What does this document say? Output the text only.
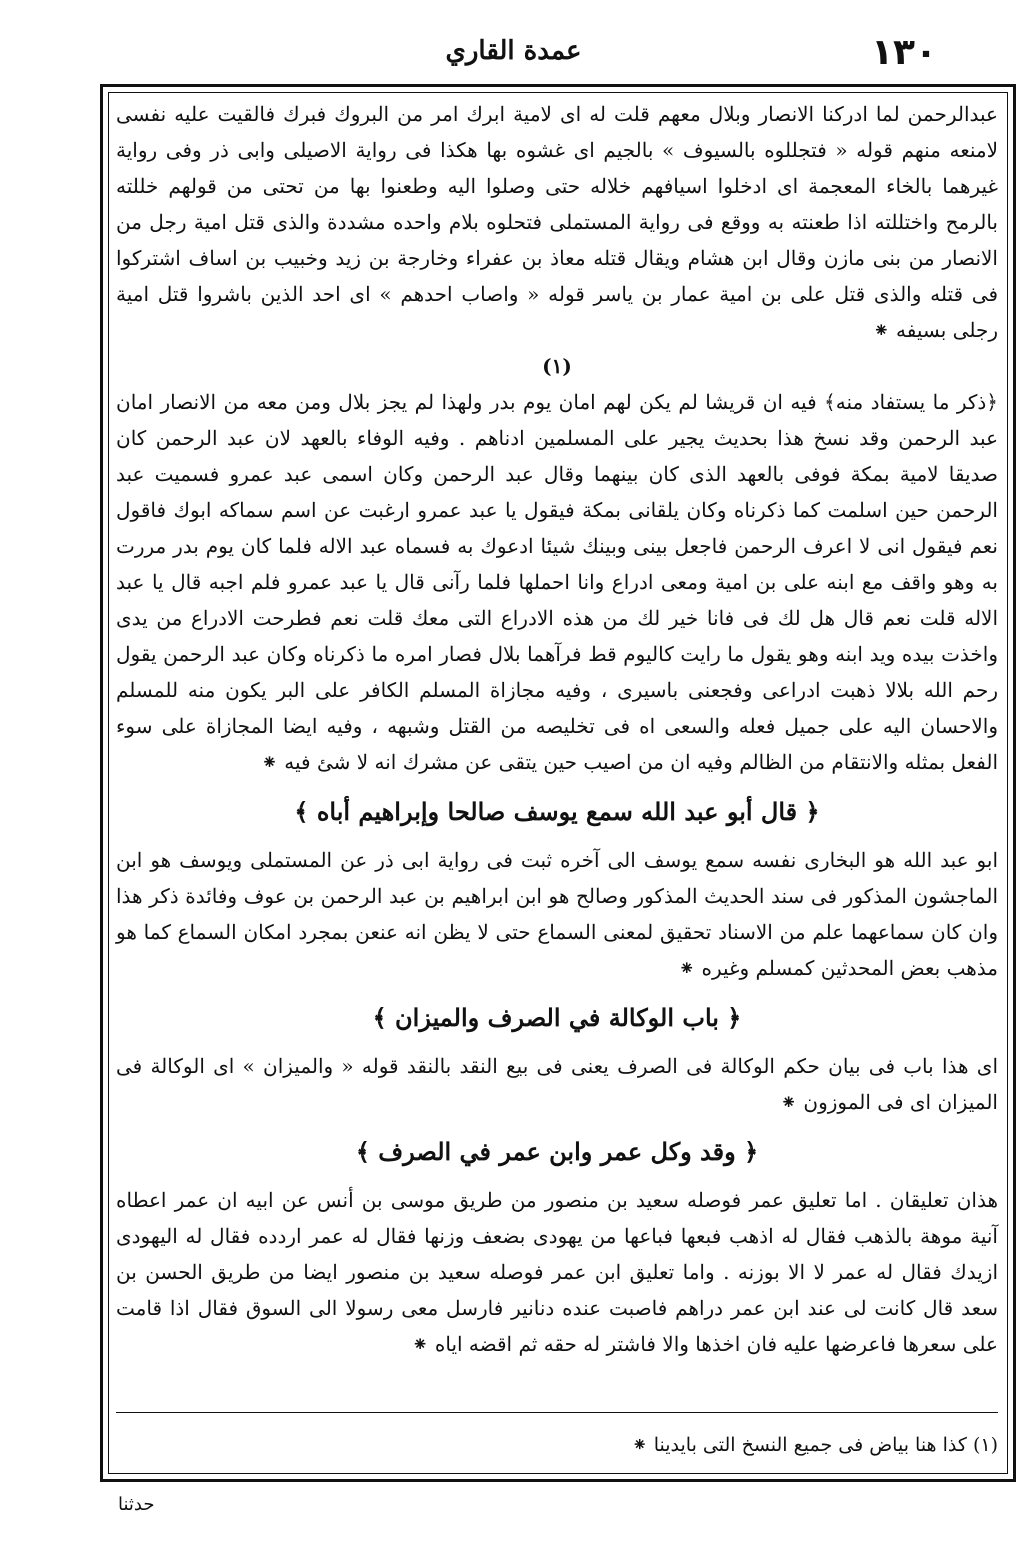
١٣٠
عمدة القاري

عبدالرحمن لما ادركنا الانصار وبلال معهم قلت له اى لامية ابرك امر من البروك فبرك فالقيت عليه نفسى لامنعه منهم قوله « فتجللوه بالسيوف » بالجيم اى غشوه بها هكذا فى رواية الاصيلى وابى ذر وفى رواية غيرهما بالخاء المعجمة اى ادخلوا اسيافهم خلاله حتى وصلوا اليه وطعنوا بها من تحتى من قولهم خللته بالرمح واختللته اذا طعنته به ووقع فى رواية المستملى فتحلوه بلام واحده مشددة والذى قتل امية رجل من الانصار من بنى مازن وقال ابن هشام ويقال قتله معاذ بن عفراء وخارجة بن زيد وخبيب بن اساف اشتركوا فى قتله والذى قتل على بن امية عمار بن ياسر قوله « واصاب احدهم » اى احد الذين باشروا قتل امية رجلى بسيفه ⁕

(١)

﴿ذكر ما يستفاد منه﴾ فيه ان قريشا لم يكن لهم امان يوم بدر ولهذا لم يجز بلال ومن معه من الانصار امان عبد الرحمن وقد نسخ هذا بحديث يجير على المسلمين ادناهم . وفيه الوفاء بالعهد لان عبد الرحمن كان صديقا لامية بمكة فوفى بالعهد الذى كان بينهما وقال عبد الرحمن وكان اسمى عبد عمرو فسميت عبد الرحمن حين اسلمت كما ذكرناه وكان يلقانى بمكة فيقول يا عبد عمرو ارغبت عن اسم سماكه ابوك فاقول نعم فيقول انى لا اعرف الرحمن فاجعل بينى وبينك شيئا ادعوك به فسماه عبد الاله فلما كان يوم بدر مررت به وهو واقف مع ابنه على بن امية ومعى ادراع وانا احملها فلما رآنى قال يا عبد عمرو فلم اجبه قال يا عبد الاله قلت نعم قال هل لك فى فانا خير لك من هذه الادراع التى معك قلت نعم فطرحت الادراع من يدى واخذت بيده ويد ابنه وهو يقول ما رايت كاليوم قط فرآهما بلال فصار امره ما ذكرناه وكان عبد الرحمن يقول رحم الله بلالا ذهبت ادراعى وفجعنى باسيرى ، وفيه مجازاة المسلم الكافر على البر يكون منه للمسلم والاحسان اليه على جميل فعله والسعى اه فى تخليصه من القتل وشبهه ، وفيه ايضا المجازاة على سوء الفعل بمثله والانتقام من الظالم وفيه ان من اصيب حين يتقى عن مشرك انه لا شئ فيه ⁕

﴿ قال أبو عبد الله سمع يوسف صالحا وإبراهيم أباه ﴾

ابو عبد الله هو البخارى نفسه سمع يوسف الى آخره ثبت فى رواية ابى ذر عن المستملى ويوسف هو ابن الماجشون المذكور فى سند الحديث المذكور وصالح هو ابن ابراهيم بن عبد الرحمن بن عوف وفائدة ذكر هذا وان كان سماعهما علم من الاسناد تحقيق لمعنى السماع حتى لا يظن انه عنعن بمجرد امكان السماع كما هو مذهب بعض المحدثين كمسلم وغيره ⁕

﴿ باب الوكالة في الصرف والميزان ﴾

اى هذا باب فى بيان حكم الوكالة فى الصرف يعنى فى بيع النقد بالنقد قوله « والميزان » اى الوكالة فى الميزان اى فى الموزون ⁕

﴿ وقد وكل عمر وابن عمر في الصرف ﴾

هذان تعليقان . اما تعليق عمر فوصله سعيد بن منصور من طريق موسى بن أنس عن ابيه ان عمر اعطاه آنية موهة بالذهب فقال له اذهب فبعها فباعها من يهودى بضعف وزنها فقال له عمر اردده فقال له اليهودى ازيدك فقال له عمر لا الا بوزنه . واما تعليق ابن عمر فوصله سعيد بن منصور ايضا من طريق الحسن بن سعد قال كانت لى عند ابن عمر دراهم فاصبت عنده دنانير فارسل معى رسولا الى السوق فقال اذا قامت على سعرها فاعرضها عليه فان اخذها والا فاشتر له حقه ثم اقضه اياه ⁕

(١) كذا هنا بياض فى جميع النسخ التى بايدينا ⁕
حدثنا
